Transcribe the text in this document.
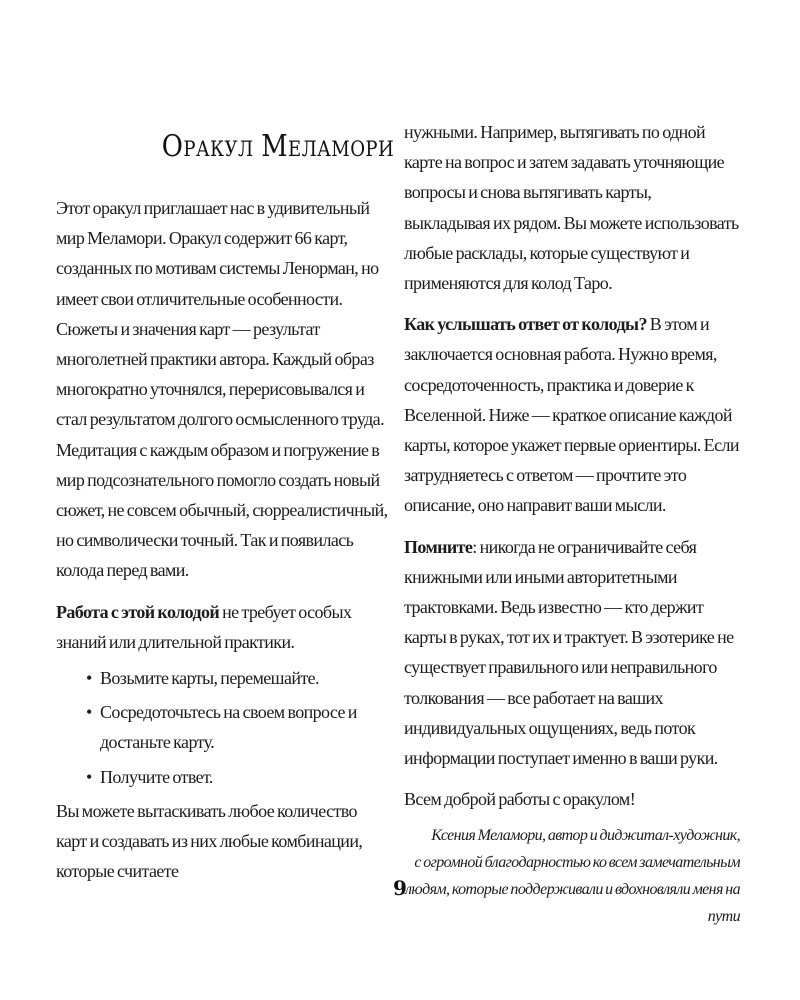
Оракул Меламори

Этот оракул приглашает нас в удивительный мир Меламори. Оракул содержит 66 карт, созданных по мотивам системы Ленорман, но имеет свои отличительные особенности.

Сюжеты и значения карт — результат многолетней практики автора. Каждый образ многократно уточнялся, перерисовывался и стал результатом долгого осмысленного труда. Медитация с каждым образом и погружение в мир подсознательного помогло создать новый сюжет, не совсем обычный, сюрреалистичный, но символически точный. Так и появилась колода перед вами.

Работа с этой колодой не требует особых знаний или длительной практики.

• Возьмите карты, перемешайте.
• Сосредоточьтесь на своем вопросе и достаньте карту.
• Получите ответ.

Вы можете вытаскивать любое количество карт и создавать из них любые комбинации, которые считаете

нужными. Например, вытягивать по одной карте на вопрос и затем задавать уточняющие вопросы и снова вытягивать карты, выкладывая их рядом. Вы можете использовать любые расклады, которые существуют и применяются для колод Таро.

Как услышать ответ от колоды? В этом и заключается основная работа. Нужно время, сосредоточенность, практика и доверие к Вселенной. Ниже — краткое описание каждой карты, которое укажет первые ориентиры. Если затрудняетесь с ответом — прочтите это описание, оно направит ваши мысли.

Помните: никогда не ограничивайте себя книжными или иными авторитетными трактовками. Ведь известно — кто держит карты в руках, тот их и трактует. В эзотерике не существует правильного или неправильного толкования — все работает на ваших индивидуальных ощущениях, ведь поток информации поступает именно в ваши руки.

Всем доброй работы с оракулом!

Ксения Меламори, автор и диджитал-художник,
с огромной благодарностью ко всем замечательным людям, которые поддерживали и вдохновляли меня на пути
9
